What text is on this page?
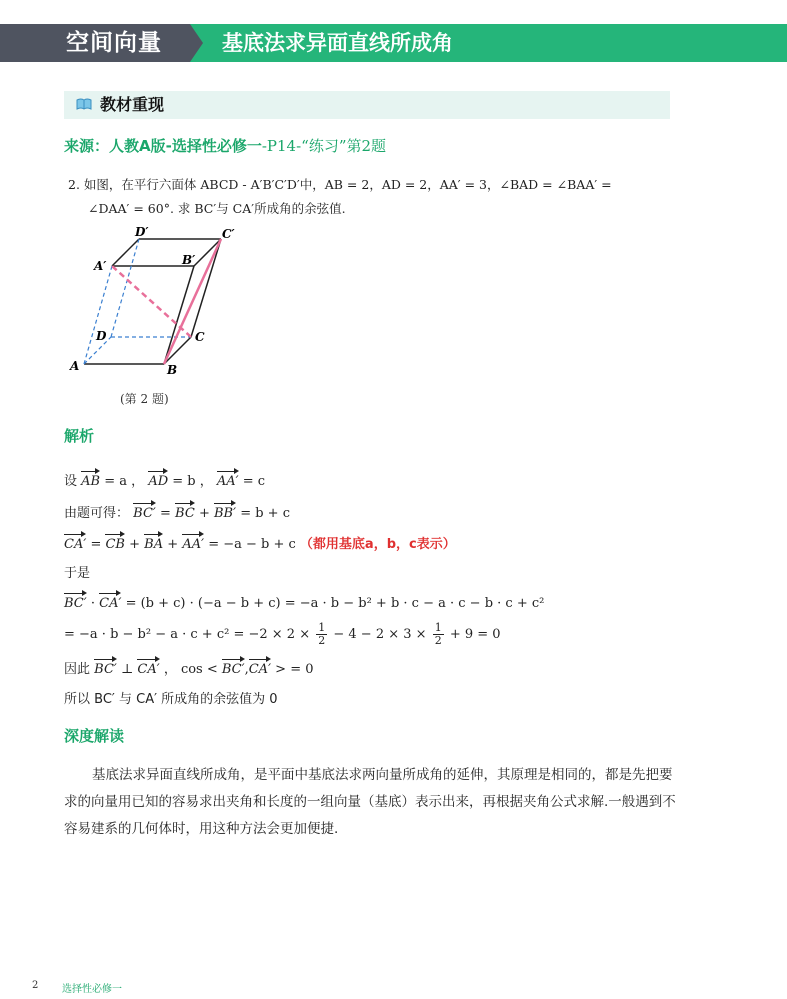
空间向量	基底法求异面直线所成角
教材重现
来源：人教A版-选择性必修一-P14-“练习”第2题
2. 如图，在平行六面体 ABCD - A′B′C′D′中，AB = 2，AD = 2，AA′ = 3，∠BAD = ∠BAA′ =
∠DAA′ = 60°. 求 BC′与 CA′所成角的余弦值.
A	B
C
D
A′	B′
C′
D′
(第 2 题)
解析
设 AB = a ， AD = b ， AA′ = c
由题可得： BC′ = BC + BB′ = b + c
CA′ = CB + BA + AA′ = −a − b + c （都用基底a，b，c表示）
于是
BC′ · CA′ = (b + c) · (−a − b + c) = −a · b − b² + b · c − a · c − b · c + c²
= $-a \cdot b - b^2 - a \cdot c + c^2 = -2 \times 2 \times \frac{1}{2} - 4 - 2 \times 3 \times \frac{1}{2} + 9 = 0$
因此 BC′ ⊥ CA′ ， cos < BC′,CA′ > = 0
所以 BC′ 与 CA′ 所成角的余弦值为 0
深度解读
基底法求异面直线所成角，是平面中基底法求两向量所成角的延伸，其原理是相同的，都是先把要求的向量用已知的容易求出夹角和长度的一组向量（基底）表示出来，再根据夹角公式求解.一般遇到不容易建系的几何体时，用这种方法会更加便捷.
2 选择性必修一
